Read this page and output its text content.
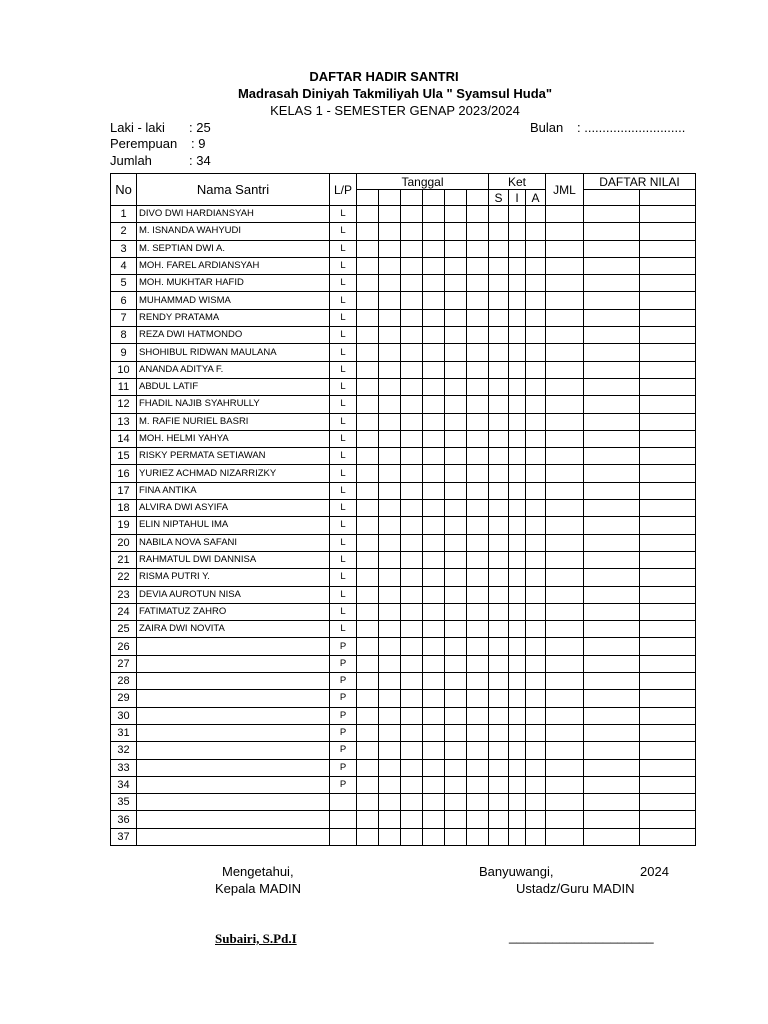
DAFTAR HADIR SANTRI
Madrasah Diniyah Takmiliyah Ula " Syamsul Huda"
KELAS 1 - SEMESTER GENAP 2023/2024
Laki - laki : 25
Perempuan : 9
Jumlah	: 34
Bulan : ............................
No	Nama Santri	L/P	Tanggal						Ket			JML	DAFTAR NILAI	
									S	I	A			
1	DIVO DWI HARDIANSYAH	L												
2	M. ISNANDA WAHYUDI	L												
3	M. SEPTIAN DWI A.	L												
4	MOH. FAREL ARDIANSYAH	L												
5	MOH. MUKHTAR HAFID	L												
6	MUHAMMAD WISMA	L												
7	RENDY PRATAMA	L												
8	REZA DWI HATMONDO	L												
9	SHOHIBUL RIDWAN MAULANA	L												
10	ANANDA ADITYA F.	L												
11	ABDUL LATIF	L												
12	FHADIL NAJIB SYAHRULLY	L												
13	M. RAFIE NURIEL BASRI	L												
14	MOH. HELMI YAHYA	L												
15	RISKY PERMATA SETIAWAN	L												
16	YURIEZ ACHMAD NIZARRIZKY	L												
17	FINA ANTIKA	L												
18	ALVIRA DWI ASYIFA	L												
19	ELIN NIPTAHUL IMA	L												
20	NABILA NOVA SAFANI	L												
21	RAHMATUL DWI DANNISA	L												
22	RISMA PUTRI Y.	L												
23	DEVIA AUROTUN NISA	L												
24	FATIMATUZ ZAHRO	L												
25	ZAIRA DWI NOVITA	L												
26		P												
27		P												
28		P												
29		P												
30		P												
31		P												
32		P												
33		P												
34		P												
35														
36														
37														
Mengetahui,
Kepala MADIN
Banyuwangi,	2024
Ustadz/Guru MADIN
Subairi, S.Pd.I	____________________
